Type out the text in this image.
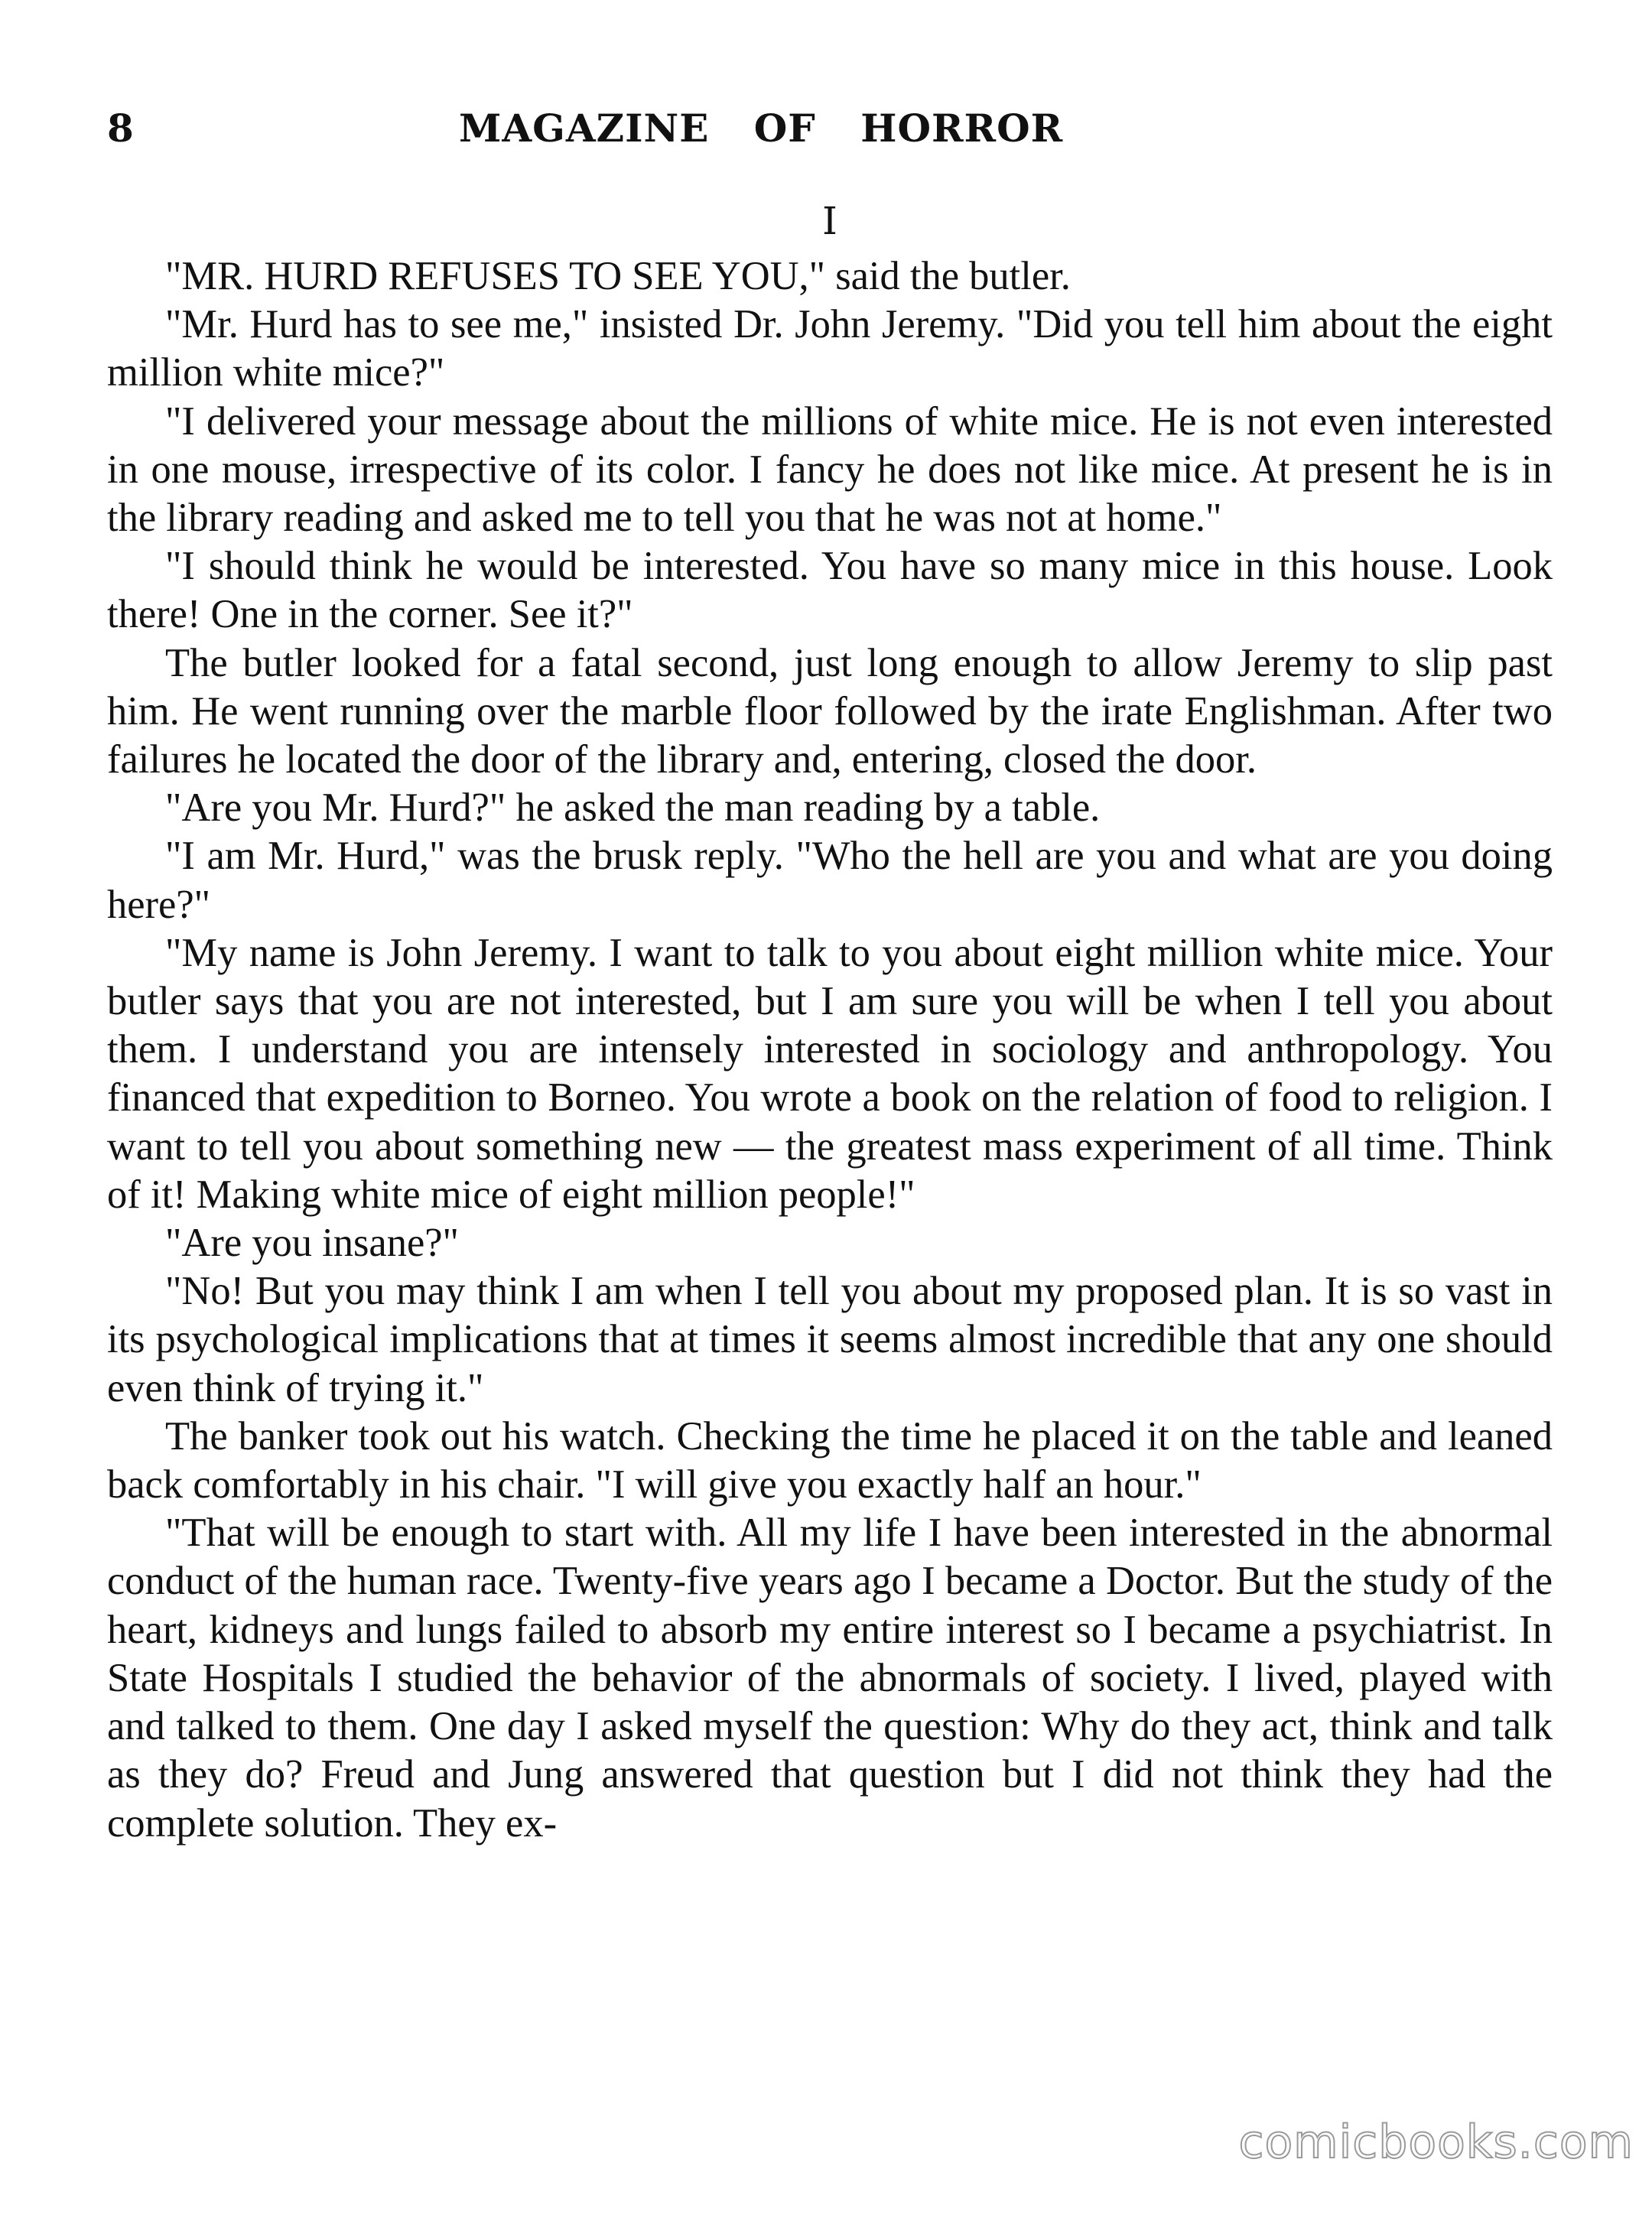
8	MAGAZINE OF HORROR
I

"MR. HURD REFUSES TO SEE YOU," said the butler.

"Mr. Hurd has to see me," insisted Dr. John Jeremy. "Did you tell him about the eight million white mice?"

"I delivered your message about the millions of white mice. He is not even interested in one mouse, irrespective of its color. I fancy he does not like mice. At present he is in the library reading and asked me to tell you that he was not at home."

"I should think he would be interested. You have so many mice in this house. Look there! One in the corner. See it?"

The butler looked for a fatal second, just long enough to allow Jeremy to slip past him. He went running over the marble floor followed by the irate Englishman. After two failures he located the door of the library and, entering, closed the door.

"Are you Mr. Hurd?" he asked the man reading by a table.

"I am Mr. Hurd," was the brusk reply. "Who the hell are you and what are you doing here?"

"My name is John Jeremy. I want to talk to you about eight million white mice. Your butler says that you are not interested, but I am sure you will be when I tell you about them. I understand you are intensely interested in sociology and anthropology. You financed that expedition to Borneo. You wrote a book on the relation of food to religion. I want to tell you about something new — the greatest mass experiment of all time. Think of it! Making white mice of eight million people!"

"Are you insane?"

"No! But you may think I am when I tell you about my proposed plan. It is so vast in its psychological implications that at times it seems almost incredible that any one should even think of trying it."

The banker took out his watch. Checking the time he placed it on the table and leaned back comfortably in his chair. "I will give you exactly half an hour."

"That will be enough to start with. All my life I have been interested in the abnormal conduct of the human race. Twenty-five years ago I became a Doctor. But the study of the heart, kidneys and lungs failed to absorb my entire interest so I became a psychiatrist. In State Hospitals I studied the behavior of the abnormals of society. I lived, played with and talked to them. One day I asked myself the question: Why do they act, think and talk as they do? Freud and Jung answered that question but I did not think they had the complete solution. They ex-

comicbooks.com
